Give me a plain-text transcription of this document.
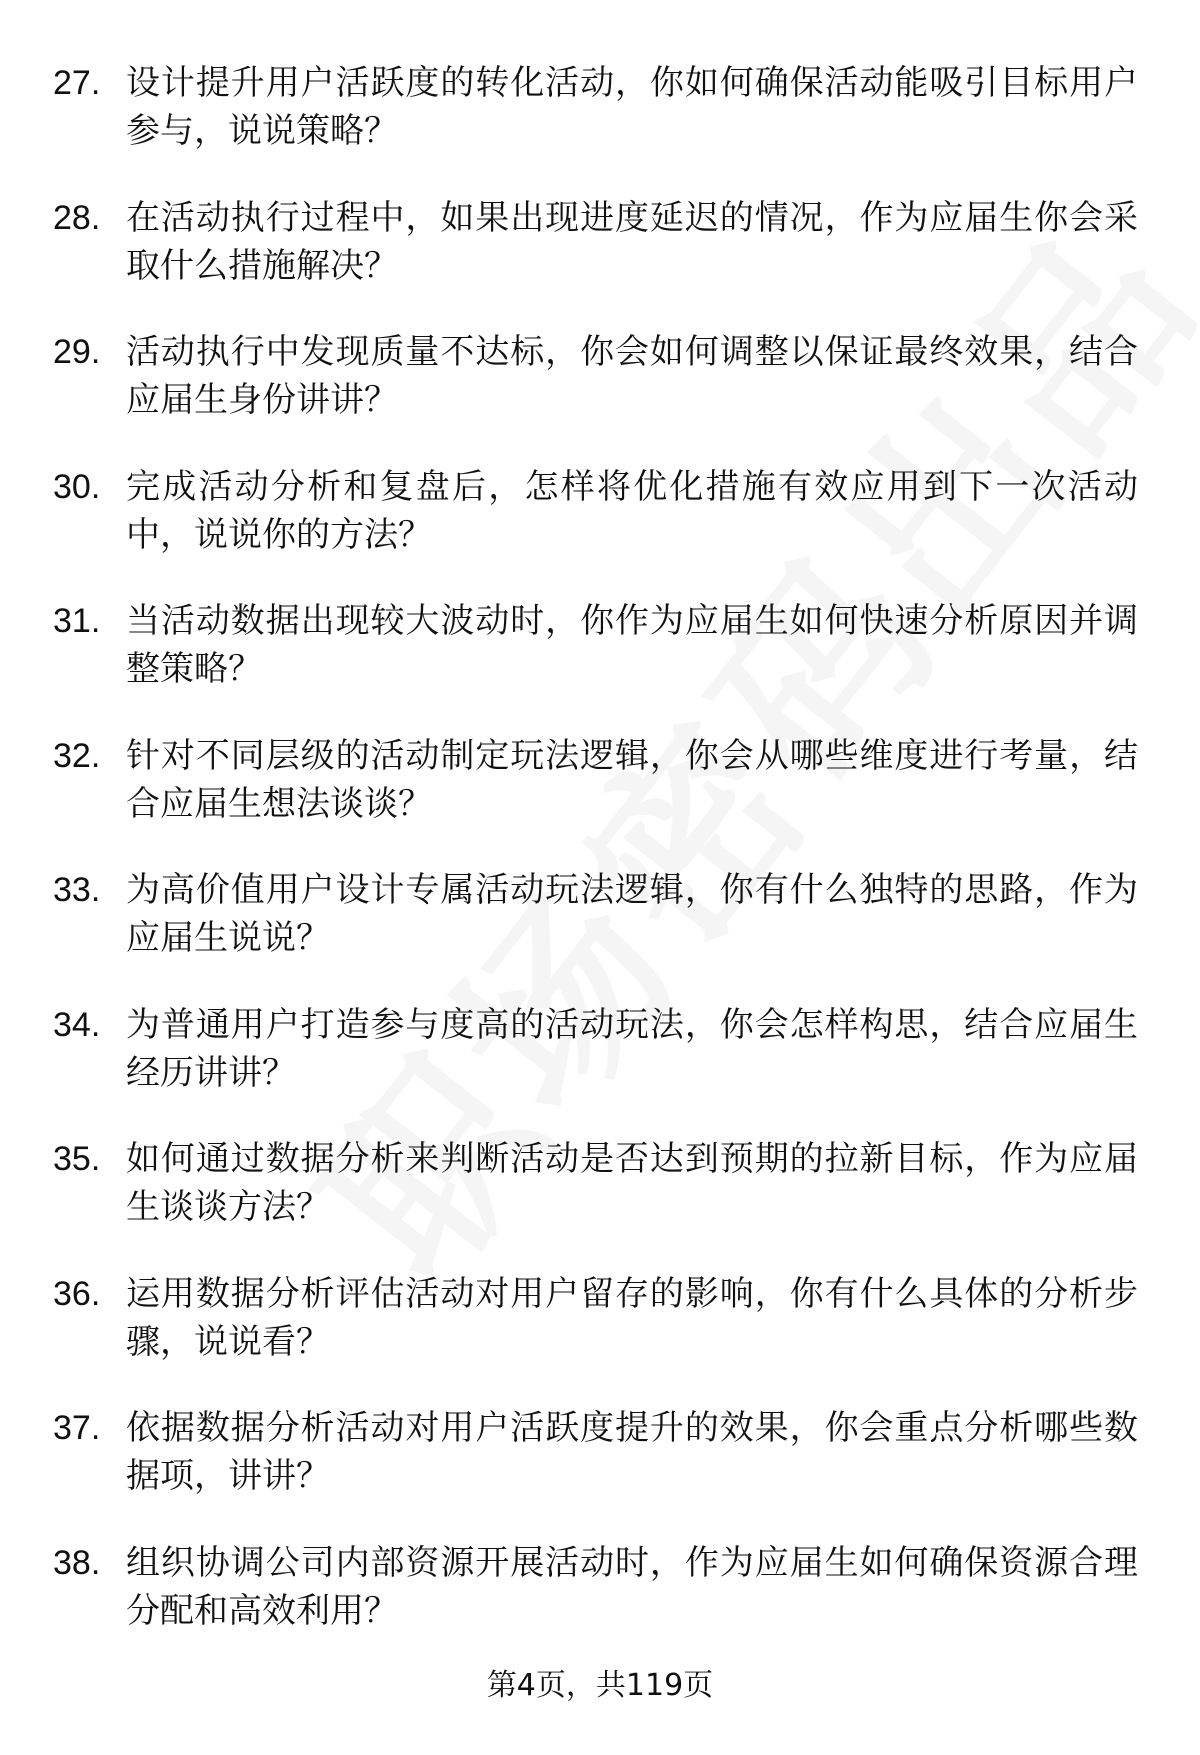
27. 设计提升用户活跃度的转化活动，你如何确保活动能吸引目标用户参与，说说策略？

28. 在活动执行过程中，如果出现进度延迟的情况，作为应届生你会采取什么措施解决？

29. 活动执行中发现质量不达标，你会如何调整以保证最终效果，结合应届生身份讲讲？

30. 完成活动分析和复盘后，怎样将优化措施有效应用到下一次活动中，说说你的方法？

31. 当活动数据出现较大波动时，你作为应届生如何快速分析原因并调整策略？

32. 针对不同层级的活动制定玩法逻辑，你会从哪些维度进行考量，结合应届生想法谈谈？

33. 为高价值用户设计专属活动玩法逻辑，你有什么独特的思路，作为应届生说说？

34. 为普通用户打造参与度高的活动玩法，你会怎样构思，结合应届生经历讲讲？

35. 如何通过数据分析来判断活动是否达到预期的拉新目标，作为应届生谈谈方法？

36. 运用数据分析评估活动对用户留存的影响，你有什么具体的分析步骤，说说看？

37. 依据数据分析活动对用户活跃度提升的效果，你会重点分析哪些数据项，讲讲？

38. 组织协调公司内部资源开展活动时，作为应届生如何确保资源合理分配和高效利用？

第4页，共119页
